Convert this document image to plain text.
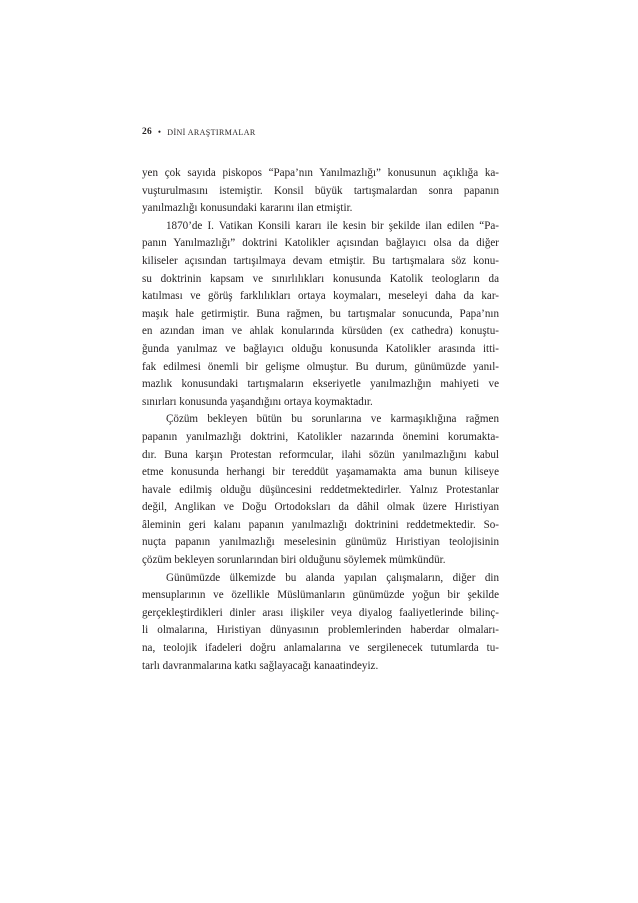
26 • DİNİ ARAŞTIRMALAR
yen çok sayıda piskopos “Papa’nın Yanılmazlığı” konusunun açıklığa ka-
vuşturulmasını istemiştir. Konsil büyük tartışmalardan sonra papanın
yanılmazlığı konusundaki kararını ilan etmiştir.
1870’de I. Vatikan Konsili kararı ile kesin bir şekilde ilan edilen “Pa-
panın Yanılmazlığı” doktrini Katolikler açısından bağlayıcı olsa da diğer
kiliseler açısından tartışılmaya devam etmiştir. Bu tartışmalara söz konu-
su doktrinin kapsam ve sınırlılıkları konusunda Katolik teologların da
katılması ve görüş farklılıkları ortaya koymaları, meseleyi daha da kar-
maşık hale getirmiştir. Buna rağmen, bu tartışmalar sonucunda, Papa’nın
en azından iman ve ahlak konularında kürsüden (ex cathedra) konuştu-
ğunda yanılmaz ve bağlayıcı olduğu konusunda Katolikler arasında itti-
fak edilmesi önemli bir gelişme olmuştur. Bu durum, günümüzde yanıl-
mazlık konusundaki tartışmaların ekseriyetle yanılmazlığın mahiyeti ve
sınırları konusunda yaşandığını ortaya koymaktadır.
Çözüm bekleyen bütün bu sorunlarına ve karmaşıklığına rağmen
papanın yanılmazlığı doktrini, Katolikler nazarında önemini korumakta-
dır. Buna karşın Protestan reformcular, ilahi sözün yanılmazlığını kabul
etme konusunda herhangi bir tereddüt yaşamamakta ama bunun kiliseye
havale edilmiş olduğu düşüncesini reddetmektedirler. Yalnız Protestanlar
değil, Anglikan ve Doğu Ortodoksları da dâhil olmak üzere Hıristiyan
âleminin geri kalanı papanın yanılmazlığı doktrinini reddetmektedir. So-
nuçta papanın yanılmazlığı meselesinin günümüz Hıristiyan teolojisinin
çözüm bekleyen sorunlarından biri olduğunu söylemek mümkündür.
Günümüzde ülkemizde bu alanda yapılan çalışmaların, diğer din
mensuplarının ve özellikle Müslümanların günümüzde yoğun bir şekilde
gerçekleştirdikleri dinler arası ilişkiler veya diyalog faaliyetlerinde bilinç-
li olmalarına, Hıristiyan dünyasının problemlerinden haberdar olmaları-
na, teolojik ifadeleri doğru anlamalarına ve sergilenecek tutumlarda tu-
tarlı davranmalarına katkı sağlayacağı kanaatindeyiz.
